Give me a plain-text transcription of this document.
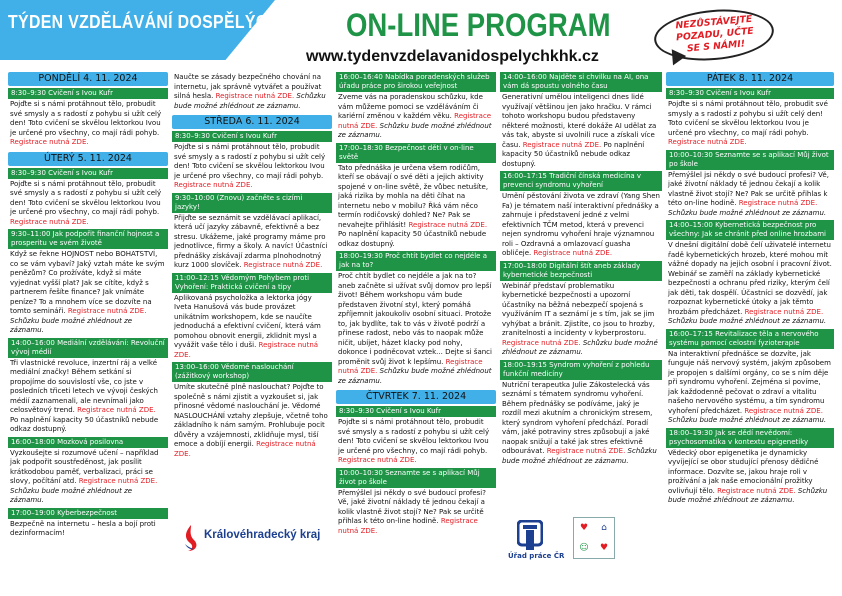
TÝDEN VZDĚLÁVÁNÍ DOSPĚLÝCH ON-LINE PROGRAM
www.tydenvzdelavanidospelychkhk.cz
NEZŮSTÁVEJTE POZADU, UČTE SE S NÁMI!
PONDĚLÍ 4. 11. 2024
8:30–9:30 Cvičení s Ivou Kufr
Pojďte si s námi protáhnout tělo, probudit své smysly a s radostí z pohybu si užít celý den! Toto cvičení se skvělou lektorkou Ivou je určené pro všechny, co mají rádi pohyb. Registrace nutná ZDE.
ÚTERÝ 5. 11. 2024
8:30–9:30 Cvičení s Ivou Kufr
Pojďte si s námi protáhnout tělo, probudit své smysly a s radostí z pohybu si užít celý den! Toto cvičení se skvělou lektorkou Ivou je určené pro všechny, co mají rádi pohyb. Registrace nutná ZDE.
9:30–11:00 Jak podpořit finanční hojnost a prosperitu ve svém životě
Když se řekne HOJNOST nebo BOHATSTVÍ, co se vám vybaví? Jaký vztah máte ke svým penězům? Co prožíváte, když si máte vyjednat vyšší plat? Jak se cítíte, když s partnerem řešíte finance? Jak vnímáte peníze? To a mnohem více se dozvíte na tomto semináři. Registrace nutná ZDE. Schůzku bude možné zhlédnout ze záznamu.
14:00–16:00 Mediální vzdělávání: Revoluční vývoj médií
Tři vlastnické revoluce, inzertní ráj a velké mediální značky! Během setkání si propojíme do souvislostí vše, co jste v posledních třiceti letech ve vývoji českých médií zaznamenali, ale nevnímali jako celosvětový trend. Registrace nutná ZDE. Po naplnění kapacity 50 účastníků nebude odkaz dostupný.
16:00–18:00 Mozková posilovna
Vyzkoušejte si rozumové učení – například jak podpořit soustředěnost, jak posílit krátkodobou paměť, verbalizaci, práci se slovy, počítání atd. Registrace nutná ZDE. Schůzku bude možné zhlédnout ze záznamu.
17:00–19:00 Kyberbezpečnost
Bezpečně na internetu – hesla a bojí proti dezinformacím!
Naučte se zásady bezpečného chování na internetu, jak správně vytvářet a používat silná hesla. Registrace nutná ZDE. Schůzku bude možné zhlédnout ze záznamu.
STŘEDA 6. 11. 2024
8:30–9:30 Cvičení s Ivou Kufr
Pojďte si s námi protáhnout tělo, probudit své smysly a s radostí z pohybu si užít celý den! Toto cvičení se skvělou lektorkou Ivou je určené pro všechny, co mají rádi pohyb. Registrace nutná ZDE.
9:30–10:00 (Znovu) začněte s cizími jazyky!
Přijďte se seznámit se vzdělávací aplikací, která učí jazyky zábavně, efektivně a bez stresu. Ukážeme, jaké programy máme pro jednotlivce, firmy a školy. A navíc! Účastníci přednášky získávají zdarma plnohodnotný kurz 1000 slovíček. Registrace nutná ZDE.
11:00–12:15 Vědomým Pohybem proti Vyhoření: Praktická cvičení a tipy
Aplikovaná psycholožka a lektorka jógy Iveta Hanušová vás bude provázet unikátním workshopem, kde se naučíte jednoduchá a efektivní cvičení, která vám pomohou obnovit energii, zklidnit mysl a vyvážit vaše tělo i duši. Registrace nutná ZDE.
13:00–16:00 Vědomé naslouchání (zážitkový workshop)
Umíte skutečně plně naslouchat? Pojďte to společně s námi zjistit a vyzkoušet si, jak přinosné vědomé naslouchání je. Vědomé NASLOUCHÁNÍ vztahy zlepšuje, včetně toho základního k nám samým. Prohlubuje pocit důvěry a vzájemnosti, zklidňuje mysl, tiší emoce a dobíjí energii. Registrace nutná ZDE.
Královéhradecký kraj
16:00–16:40 Nabídka poradenských služeb úřadu práce pro širokou veřejnost
Zveme vás na poradenskou schůzku, kde vám můžeme pomoci se vzděláváním či kariérní změnou v každém věku. Registrace nutná ZDE. Schůzku bude možné zhlédnout ze záznamu.
17:00–18:30 Bezpečnost dětí v on-line světě
Tato přednáška je určena všem rodičům, kteří se obávají o své děti a jejich aktivity spojené v on-line světě, že vůbec netušíte, jaká rizika by mohla na děti číhat na internetu nebo v mobilu? Řká vám něco termín rodičovský dohled? Ne? Pak se nevahejte přihlásit! Registrace nutná ZDE. Po naplnění kapacity 50 účastníků nebude odkaz dostupný.
18:00–19:30 Proč chtít bydlet co nejdéle a jak na to?
Proč chtít bydlet co nejdéle a jak na to? aneb začněte si užívat svůj domov pro lepší život! Během workshopu vám bude představen životní styl, který pomáhá zpříjemnit jakoukoliv osobní situaci. Protože to, jak bydlíte, tak to vás v životě podrží a přinese radost, nebo vás to naopak může ničit, ubíjet, házet klacky pod nohy, dokonce i podněcovat vztek... Dejte si šanci proměnit svůj život k lepšímu. Registrace nutná ZDE. Schůzku bude možné zhlédnout ze záznamu.
ČTVRTEK 7. 11. 2024
8:30–9:30 Cvičení s Ivou Kufr
Pojďte si s námi protáhnout tělo, probudit své smysly a s radostí z pohybu si užít celý den! Toto cvičení se skvělou lektorkou Ivou je určené pro všechny, co mají rádi pohyb. Registrace nutná ZDE.
10:00–10:30 Seznamte se s aplikací Můj život po škole
Přemýšlel jsi někdy o své budoucí profesi? Vě, jaké životní náklady tě jednou čekají a kolik vlastně život stojí? Ne? Pak se určitě přihlas k této on-line hodině. Registrace nutná ZDE.
14:00–16:00 Najděte si chvilku na AI, ona vám dá spoustu volného času
Generativní umělou inteligenci dnes lidé využívají většinou jen jako hračku. V rámci tohoto workshopu budou představeny některé možnosti, které dokáže AI udělat za vás tak, abyste si uvolnili ruce a získali více času. Registrace nutná ZDE. Po naplnění kapacity 50 účastníků nebude odkaz dostupný.
16:00–17:15 Tradiční čínská medicína v prevenci syndromu vyhoření
Umění pěstování života ve zdraví (Yang Shen Fa) je tématem naší interaktivní přednášky a zahrnuje i představení jedné z velmi efektivních TČM metod, která v prevenci nejen syndromu vyhoření hraje významnou roli – Ozdravná a omlazovací guasha obličeje. Registrace nutná ZDE.
17:00–18:00 Digitální štít aneb základy kybernetické bezpečnosti
Webinář představí problematiku kybernetické bezpečnosti a upozorní účastníky na běžná nebezpečí spojená s využíváním IT a seznámí je s tím, jak se jim vyhýbat a bránit. Zjistíte, co jsou to hrozby, zranitelnosti a incidenty v kyberprostoru. Registrace nutná ZDE. Schůzku bude možné zhlédnout ze záznamu.
18:00–19:15 Syndrom vyhoření z pohledu funkční medicíny
Nutriční terapeutka Julie Zákostelecká vás seznámí s tématem syndromu vyhoření. Během přednášky se podíváme, jaký je rozdíl mezi akutním a chronickým stresem, který syndrom vyhoření předchází. Poradí vám, jaké potraviny stres způsobují a jaké naopak snižují a také jak stres efektivně odbourávat. Registrace nutná ZDE. Schůzku bude možné zhlédnout ze záznamu.
Úřad práce ČR
♥	⌂
☺	♥
PÁTEK 8. 11. 2024
8:30–9:30 Cvičení s Ivou Kufr
Pojďte si s námi protáhnout tělo, probudit své smysly a s radostí z pohybu si užít celý den! Toto cvičení se skvělou lektorkou Ivou je určené pro všechny, co mají rádi pohyb. Registrace nutná ZDE.
10:00–10:30 Seznamte se s aplikací Můj život po škole
Přemýšlel jsi někdy o své budoucí profesi? Vě, jaké životní náklady tě jednou čekají a kolik vlastně život stojí? Ne? Pak se určitě přihlas k této on-line hodině. Registrace nutná ZDE. Schůzku bude možné zhlédnout ze záznamu.
14:00–15:00 Kybernetická bezpečnost pro všechny: Jak se chránit před online hrozbami
V dnešní digitální době čelí uživatelé internetu řadě kybernetických hrozeb, které mohou mít vážné dopady na jejich osobní i pracovní život. Webinář se zaměří na základy kybernetické bezpečnosti a ochranu před riziky, kterým čelí jak děti, tak dospělí. Účastníci se dozvědí, jak rozpoznat kybernetické útoky a jak těmto hrozbám předcházet. Registrace nutná ZDE. Schůzku bude možné zhlédnout ze záznamu.
16:00–17:15 Revitalizace těla a nervového systému pomocí celostní fyzioterapie
Na interaktivní přednášce se dozvíte, jak funguje náš nervový systém, jakým způsobem je propojen s dalšími orgány, co se s ním děje při syndromu vyhoření. Zejména si povíme, jak každodenně pečovat o zdraví a vitalitu našeho nervového systému, a tím syndromu vyhoření předcházet. Registrace nutná ZDE. Schůzku bude možné zhlédnout ze záznamu.
18:00–19:30 Jak se dědí nevědomí: psychosomatika v kontextu epigenetiky
Vědecký obor epigenetika je dynamicky vyvíjející se obor studující přenosy dědičné informace. Dozvíte se, jakou hraje roli v prožívání a jak naše emocionální prožitky ovlivňují tělo. Registrace nutná ZDE. Schůzku bude možné zhlédnout ze záznamu.
